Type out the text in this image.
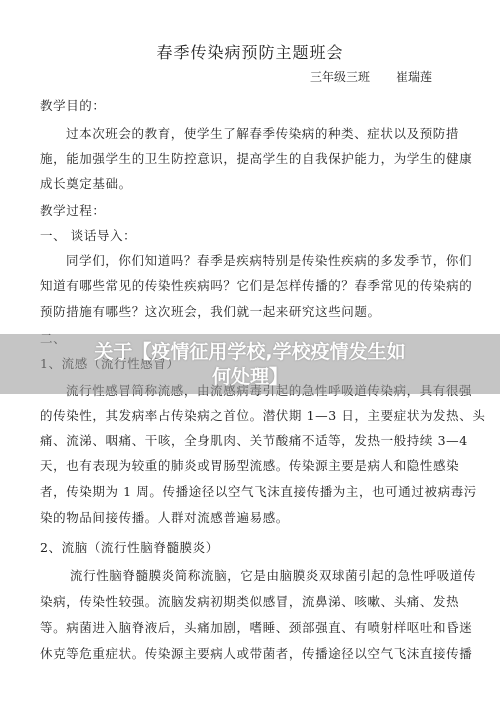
春季传染病预防主题班会
三年级三班 崔瑞莲
教学目的：
过本次班会的教育，使学生了解春季传染病的种类、症状以及预防措
施，能加强学生的卫生防控意识，提高学生的自我保护能力，为学生的健康
成长奠定基础。
教学过程：
一、 谈话导入：
同学们，你们知道吗？春季是疾病特别是传染性疾病的多发季节，你们
知道有哪些常见的传染性疾病吗？它们是怎样传播的？春季常见的传染病的
预防措施有哪些？这次班会，我们就一起来研究这些问题。
的传染性，其发病率占传染病之首位。潜伏期 1—3 日，主要症状为发热、头
痛、流涕、咽痛、干咳，全身肌肉、关节酸痛不适等，发热一般持续 3—4
天，也有表现为较重的肺炎或胃肠型流感。传染源主要是病人和隐性感染
者，传染期为 1 周。传播途径以空气飞沫直接传播为主，也可通过被病毒污
染的物品间接传播。人群对流感普遍易感。
2、流脑（流行性脑脊髓膜炎）
流行性脑脊髓膜炎简称流脑，它是由脑膜炎双球菌引起的急性呼吸道传
染病，传染性较强。流脑发病初期类似感冒，流鼻涕、咳嗽、头痛、发热
等。病菌进入脑脊液后，头痛加剧，嗜睡、颈部强直、有喷射样呕吐和昏迷
休克等危重症状。传染源主要病人或带菌者，传播途径以空气飞沫直接传播
关于【疫情征用学校,学校疫情发生如
何处理】
